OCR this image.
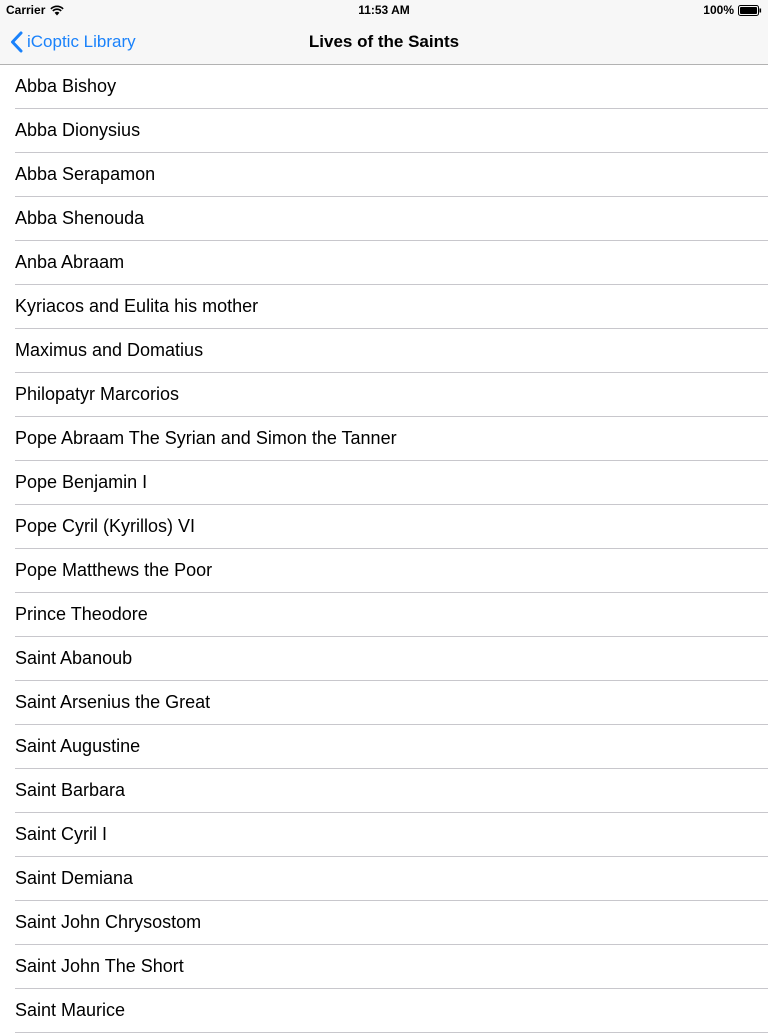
Carrier	11:53 AM	100%
iCoptic Library	Lives of the Saints
Abba Bishoy
Abba Dionysius
Abba Serapamon
Abba Shenouda
Anba Abraam
Kyriacos and Eulita his mother
Maximus and Domatius
Philopatyr Marcorios
Pope Abraam The Syrian and Simon the Tanner
Pope Benjamin I
Pope Cyril (Kyrillos) VI
Pope Matthews the Poor
Prince Theodore
Saint Abanoub
Saint Arsenius the Great
Saint Augustine
Saint Barbara
Saint Cyril I
Saint Demiana
Saint John Chrysostom
Saint John The Short
Saint Maurice
